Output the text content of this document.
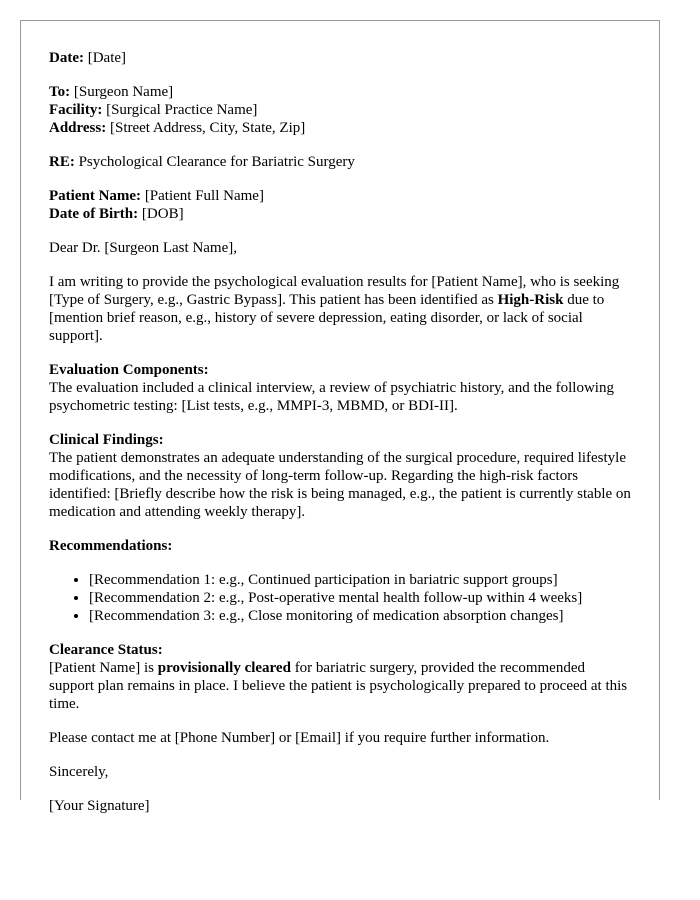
Date: [Date]

To: [Surgeon Name]
Facility: [Surgical Practice Name]
Address: [Street Address, City, State, Zip]

RE: Psychological Clearance for Bariatric Surgery

Patient Name: [Patient Full Name]
Date of Birth: [DOB]

Dear Dr. [Surgeon Last Name],

I am writing to provide the psychological evaluation results for [Patient Name], who is seeking [Type of Surgery, e.g., Gastric Bypass]. This patient has been identified as High-Risk due to [mention brief reason, e.g., history of severe depression, eating disorder, or lack of social support].

Evaluation Components:
The evaluation included a clinical interview, a review of psychiatric history, and the following psychometric testing: [List tests, e.g., MMPI-3, MBMD, or BDI-II].

Clinical Findings:
The patient demonstrates an adequate understanding of the surgical procedure, required lifestyle modifications, and the necessity of long-term follow-up. Regarding the high-risk factors identified: [Briefly describe how the risk is being managed, e.g., the patient is currently stable on medication and attending weekly therapy].

Recommendations:

• [Recommendation 1: e.g., Continued participation in bariatric support groups]
• [Recommendation 2: e.g., Post-operative mental health follow-up within 4 weeks]
• [Recommendation 3: e.g., Close monitoring of medication absorption changes]

Clearance Status:
[Patient Name] is provisionally cleared for bariatric surgery, provided the recommended support plan remains in place. I believe the patient is psychologically prepared to proceed at this time.

Please contact me at [Phone Number] or [Email] if you require further information.

Sincerely,

[Your Signature]
